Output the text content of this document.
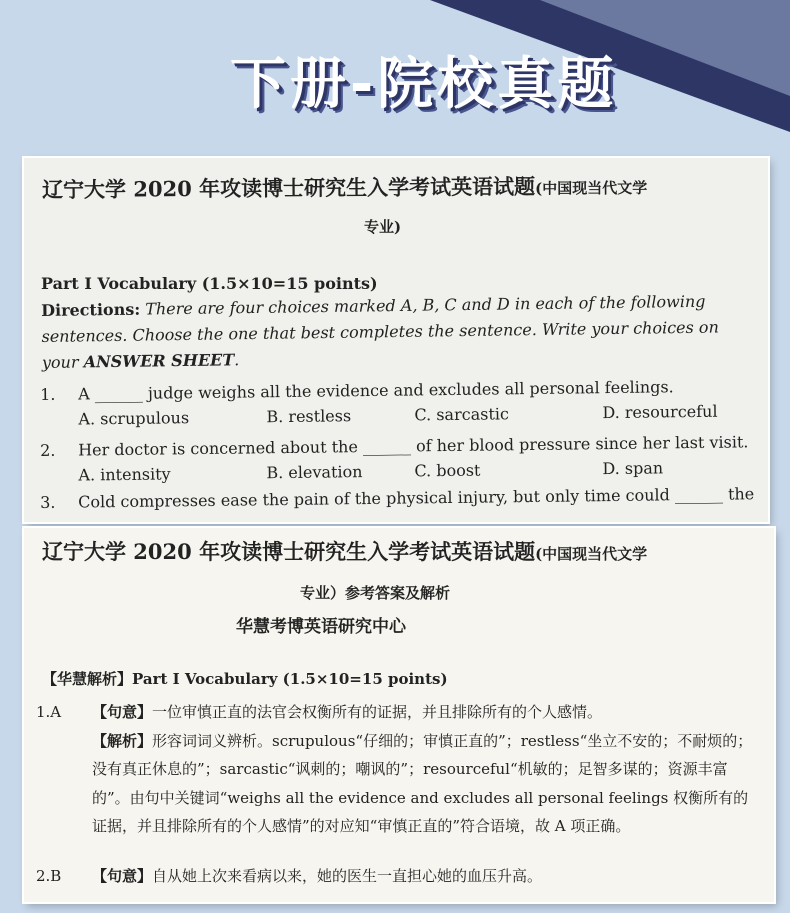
下册-院校真题
辽宁大学 2020 年攻读博士研究生入学考试英语试题(中国现当代文学
专业)
Part I Vocabulary (1.5×10=15 points)
Directions: There are four choices marked A, B, C and D in each of the following sentences. Choose the one that best completes the sentence. Write your choices on your ANSWER SHEET.
1. A ______ judge weighs all the evidence and excludes all personal feelings.
A. scrupulous	B. restless	C. sarcastic	D. resourceful
2. Her doctor is concerned about the ______ of her blood pressure since her last visit.
A. intensity	B. elevation	C. boost	D. span
3. Cold compresses ease the pain of the physical injury, but only time could ______ the
辽宁大学 2020 年攻读博士研究生入学考试英语试题(中国现当代文学
专业）参考答案及解析
华慧考博英语研究中心
【华慧解析】Part I Vocabulary (1.5×10=15 points)
1.A	【句意】一位审慎正直的法官会权衡所有的证据，并且排除所有的个人感情。
【解析】形容词词义辨析。scrupulous“仔细的；审慎正直的”；restless“坐立不安的；不耐烦的；没有真正休息的”；sarcastic“讽刺的；嘲讽的”；resourceful“机敏的；足智多谋的；资源丰富的”。由句中关键词“weighs all the evidence and excludes all personal feelings 权衡所有的证据，并且排除所有的个人感情”的对应知“审慎正直的”符合语境，故 A 项正确。
2.B	【句意】自从她上次来看病以来，她的医生一直担心她的血压升高。
